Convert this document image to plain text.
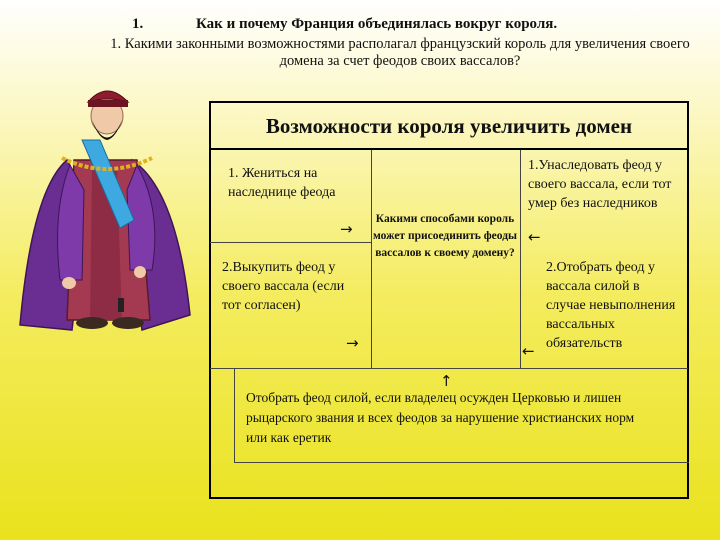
1.	Как и почему Франция объединялась вокруг короля.
1. Какими законными возможностями располагал французский король для увеличения своего домена за счет феодов своих вассалов?
Возможности короля увеличить домен
1. Жениться на наследнице феода
2.Выкупить феод у своего вассала (если тот согласен)
Какими способами король может присоединить феоды вассалов к своему домену?
1.Унаследовать феод у своего вассала, если тот умер без наследников
2.Отобрать феод у вассала силой в случае невыполнения вассальных обязательств
Отобрать феод силой, если владелец осужден Церковью и лишен рыцарского звания и всех феодов за нарушение христианских норм или как еретик
→
→
←
←
↑
